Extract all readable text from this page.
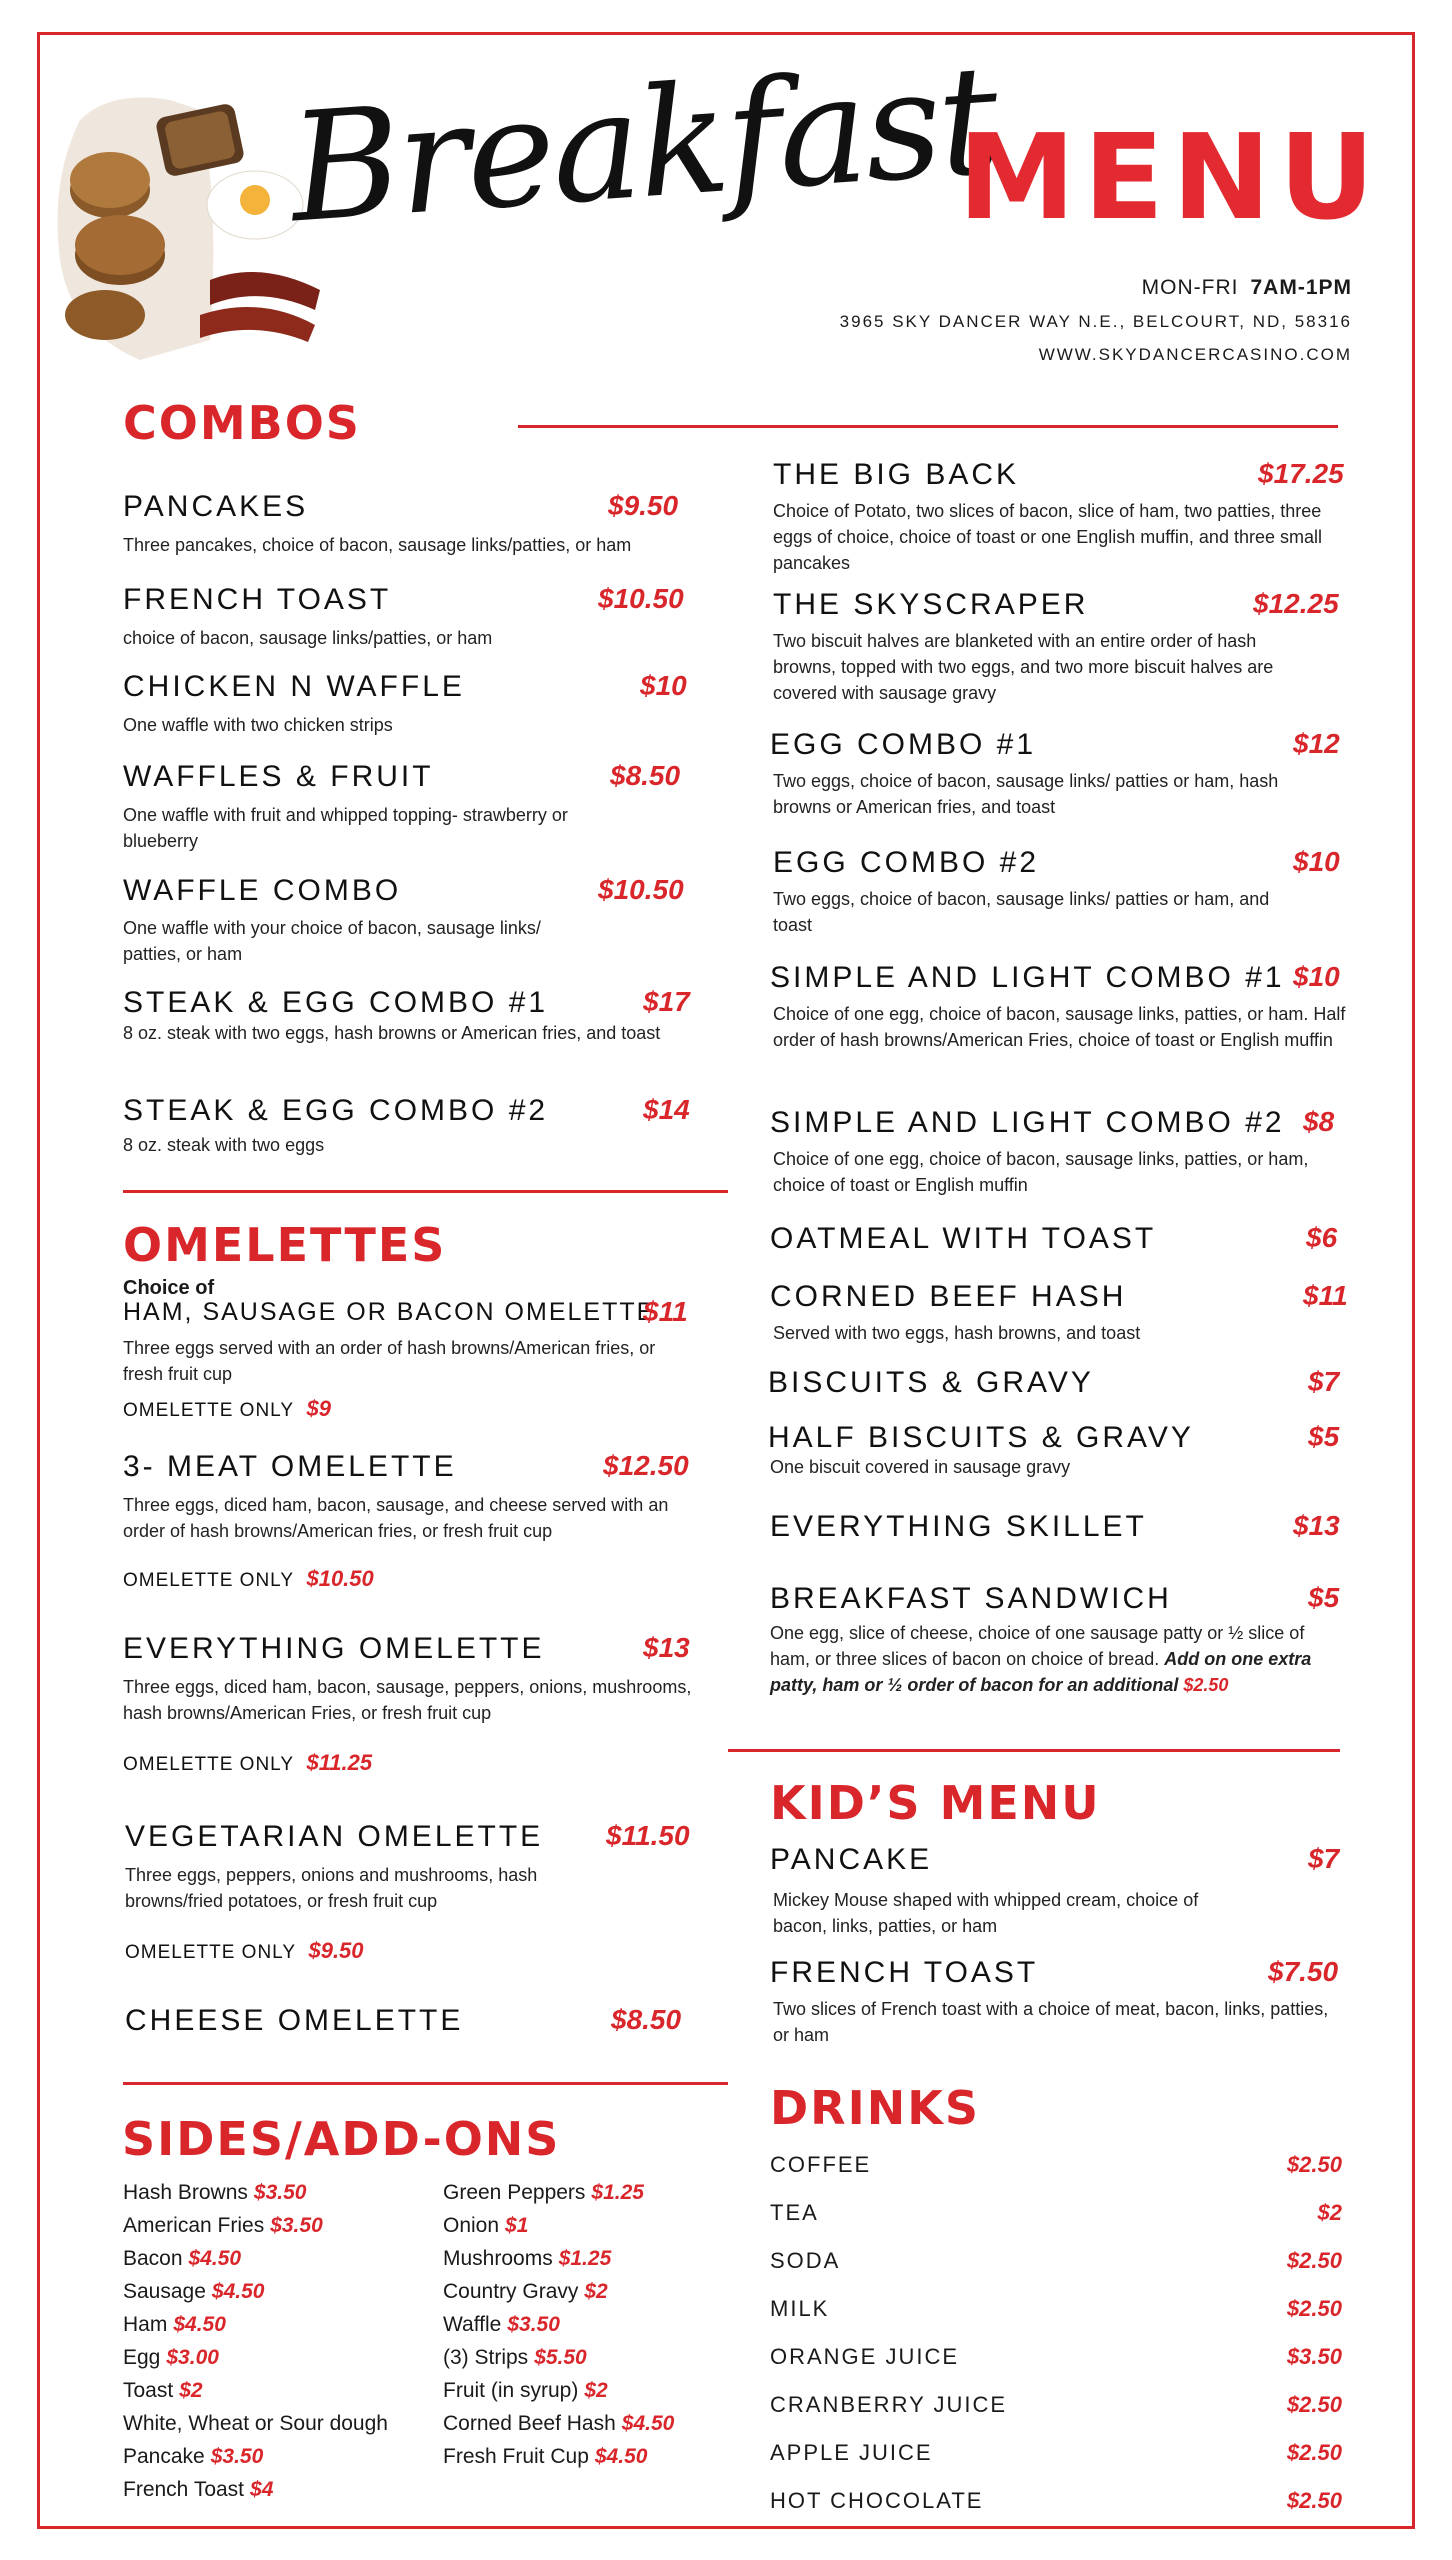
Breakfast
MENU
MON-FRI 7AM-1PM
3965 SKY DANCER WAY N.E., BELCOURT, ND, 58316
WWW.SKYDANCERCASINO.COM
COMBOS
PANCAKES	$9.50
Three pancakes, choice of bacon, sausage links/patties, or ham
FRENCH TOAST	$10.50
choice of bacon, sausage links/patties, or ham
CHICKEN N WAFFLE	$10
One waffle with two chicken strips
WAFFLES & FRUIT	$8.50
One waffle with fruit and whipped topping- strawberry or blueberry
WAFFLE COMBO	$10.50
One waffle with your choice of bacon, sausage links/ patties, or ham
STEAK & EGG COMBO #1	$17
8 oz. steak with two eggs, hash browns or American fries, and toast
STEAK & EGG COMBO #2	$14
8 oz. steak with two eggs
OMELETTES
Choice of
HAM, SAUSAGE OR BACON OMELETTE
$11
Three eggs served with an order of hash browns/American fries, or fresh fruit cup
OMELETTE ONLY $9
3- MEAT OMELETTE	$12.50
Three eggs, diced ham, bacon, sausage, and cheese served with an order of hash browns/American fries, or fresh fruit cup
OMELETTE ONLY $10.50
EVERYTHING OMELETTE	$13
Three eggs, diced ham, bacon, sausage, peppers, onions, mushrooms, hash browns/American Fries, or fresh fruit cup
OMELETTE ONLY $11.25
VEGETARIAN OMELETTE $11.50
Three eggs, peppers, onions and mushrooms, hash browns/fried potatoes, or fresh fruit cup
OMELETTE ONLY $9.50
CHEESE OMELETTE	$8.50
SIDES/ADD-ONS
Hash Browns $3.50
American Fries $3.50
Bacon $4.50
Sausage $4.50
Ham $4.50
Egg $3.00
Toast $2
White, Wheat or Sour dough
Pancake $3.50
French Toast $4
Green Peppers $1.25
Onion $1
Mushrooms $1.25
Country Gravy $2
Waffle $3.50
(3) Strips $5.50
Fruit (in syrup) $2
Corned Beef Hash $4.50
Fresh Fruit Cup $4.50
THE BIG BACK	$17.25
Choice of Potato, two slices of bacon, slice of ham, two patties, three eggs of choice, choice of toast or one English muffin, and three small pancakes
THE SKYSCRAPER	$12.25
Two biscuit halves are blanketed with an entire order of hash browns, topped with two eggs, and two more biscuit halves are covered with sausage gravy
EGG COMBO #1	$12
Two eggs, choice of bacon, sausage links/ patties or ham, hash browns or American fries, and toast
EGG COMBO #2	$10
Two eggs, choice of bacon, sausage links/ patties or ham, and toast
SIMPLE AND LIGHT COMBO #1 $10
Choice of one egg, choice of bacon, sausage links, patties, or ham. Half order of hash browns/American Fries, choice of toast or English muffin
SIMPLE AND LIGHT COMBO #2 $8
Choice of one egg, choice of bacon, sausage links, patties, or ham, choice of toast or English muffin
OATMEAL WITH TOAST	$6
CORNED BEEF HASH	$11
Served with two eggs, hash browns, and toast
BISCUITS & GRAVY	$7
HALF BISCUITS & GRAVY	$5
One biscuit covered in sausage gravy
EVERYTHING SKILLET	$13
BREAKFAST SANDWICH	$5
One egg, slice of cheese, choice of one sausage patty or ½ slice of ham, or three slices of bacon on choice of bread. Add on one extra patty, ham or ½ order of bacon for an additional $2.50
KID’S MENU
PANCAKE	$7
Mickey Mouse shaped with whipped cream, choice of bacon, links, patties, or ham
FRENCH TOAST	$7.50
Two slices of French toast with a choice of meat, bacon, links, patties, or ham
DRINKS
COFFEE	$2.50
TEA	$2
SODA	$2.50
MILK	$2.50
ORANGE JUICE	$3.50
CRANBERRY JUICE	$2.50
APPLE JUICE	$2.50
HOT CHOCOLATE	$2.50
